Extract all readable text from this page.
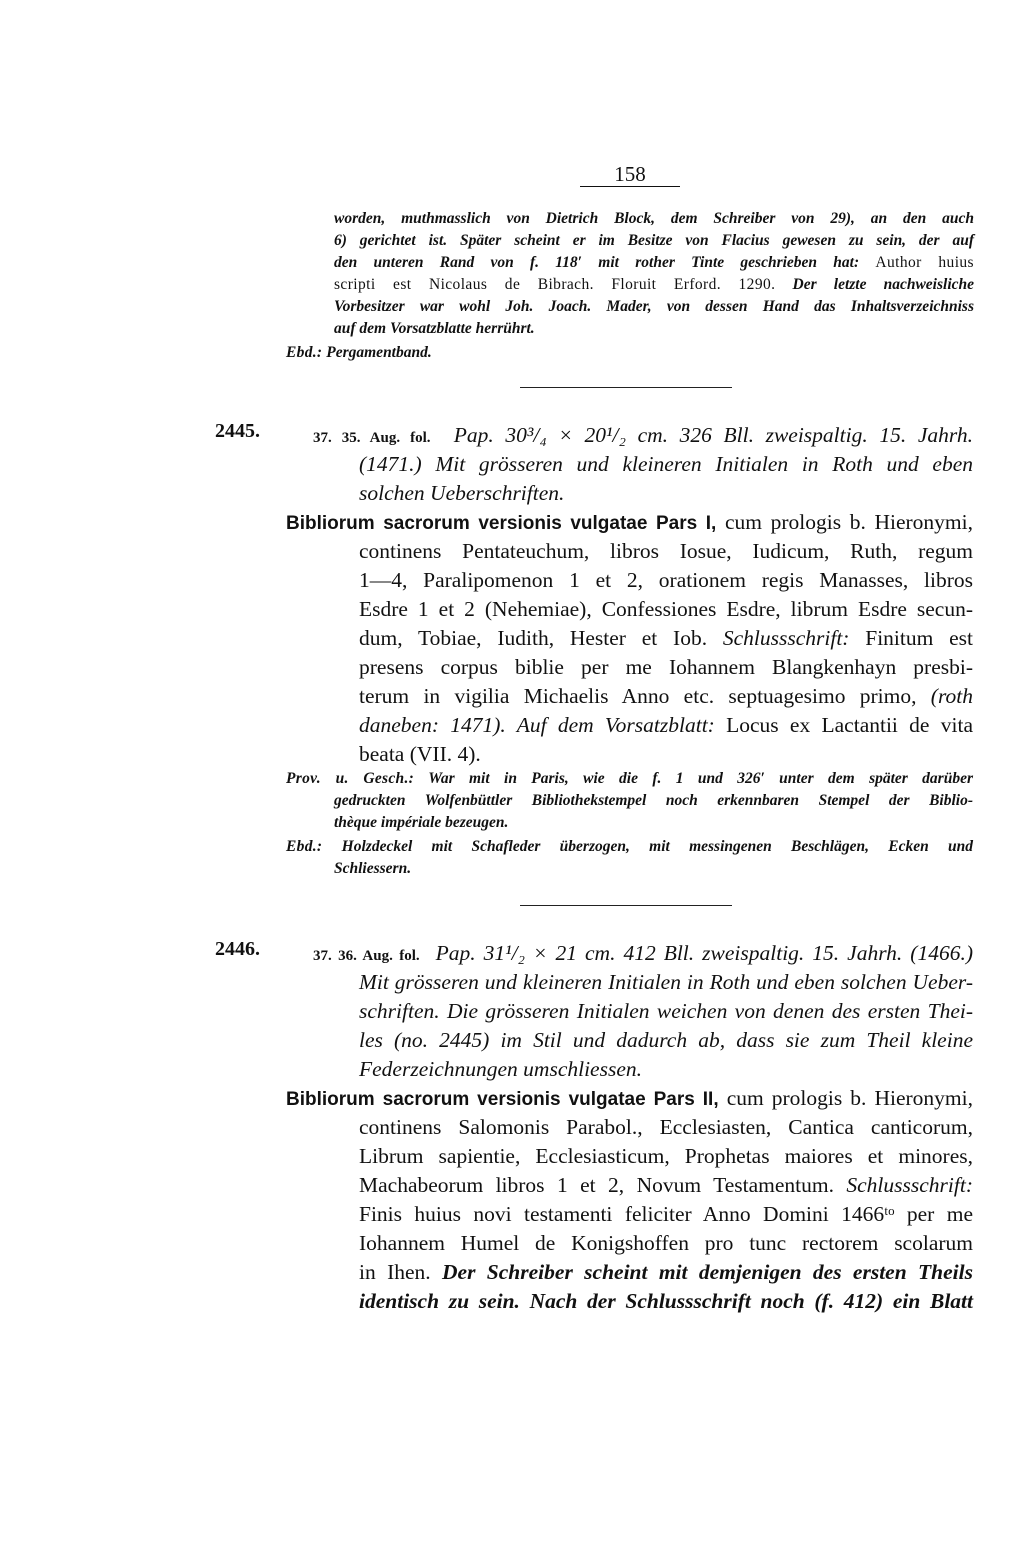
158
worden, muthmasslich von Dietrich Block, dem Schreiber von 29), an den auch
6) gerichtet ist. Später scheint er im Besitze von Flacius gewesen zu sein, der auf
den unteren Rand von f. 118′ mit rother Tinte geschrieben hat: Author huius
scripti est Nicolaus de Bibrach. Floruit Erford. 1290. Der letzte nachweisliche
Vorbesitzer war wohl Joh. Joach. Mader, von dessen Hand das Inhaltsverzeichniss
auf dem Vorsatzblatte herrührt.
Ebd.: Pergamentband.
2445.	37. 35. Aug. fol. Pap. 30³/₄ × 20¹/₂ cm. 326 Bll. zweispaltig. 15. Jahrh.
(1471.) Mit grösseren und kleineren Initialen in Roth und eben
solchen Ueberschriften.
Bibliorum sacrorum versionis vulgatae Pars I, cum prologis b. Hieronymi,
continens Pentateuchum, libros Iosue, Iudicum, Ruth, regum
1—4, Paralipomenon 1 et 2, orationem regis Manasses, libros
Esdre 1 et 2 (Nehemiae), Confessiones Esdre, librum Esdre secun-
dum, Tobiae, Iudith, Hester et Iob. Schlussschrift: Finitum est
presens corpus biblie per me Iohannem Blangkenhayn presbi-
terum in vigilia Michaelis Anno etc. septuagesimo primo, (roth
daneben: 1471). Auf dem Vorsatzblatt: Locus ex Lactantii de vita
beata (VII. 4).
Prov. u. Gesch.: War mit in Paris, wie die f. 1 und 326′ unter dem später darüber
gedruckten Wolfenbüttler Bibliothekstempel noch erkennbaren Stempel der Biblio-
thèque impériale bezeugen.
Ebd.: Holzdeckel mit Schafleder überzogen, mit messingenen Beschlägen, Ecken und
Schliessern.
2446.	37. 36. Aug. fol. Pap. 31¹/₂ × 21 cm. 412 Bll. zweispaltig. 15. Jahrh. (1466.)
Mit grösseren und kleineren Initialen in Roth und eben solchen Ueber-
schriften. Die grösseren Initialen weichen von denen des ersten Thei-
les (no. 2445) im Stil und dadurch ab, dass sie zum Theil kleine
Federzeichnungen umschliessen.
Bibliorum sacrorum versionis vulgatae Pars II, cum prologis b. Hieronymi,
continens Salomonis Parabol., Ecclesiasten, Cantica canticorum,
Librum sapientie, Ecclesiasticum, Prophetas maiores et minores,
Machabeorum libros 1 et 2, Novum Testamentum. Schlussschrift:
Finis huius novi testamenti feliciter Anno Domini 1466ᵗᵒ per me
Iohannem Humel de Konigshoffen pro tunc rectorem scolarum
in Ihen. Der Schreiber scheint mit demjenigen des ersten Theils
identisch zu sein. Nach der Schlussschrift noch (f. 412) ein Blatt
